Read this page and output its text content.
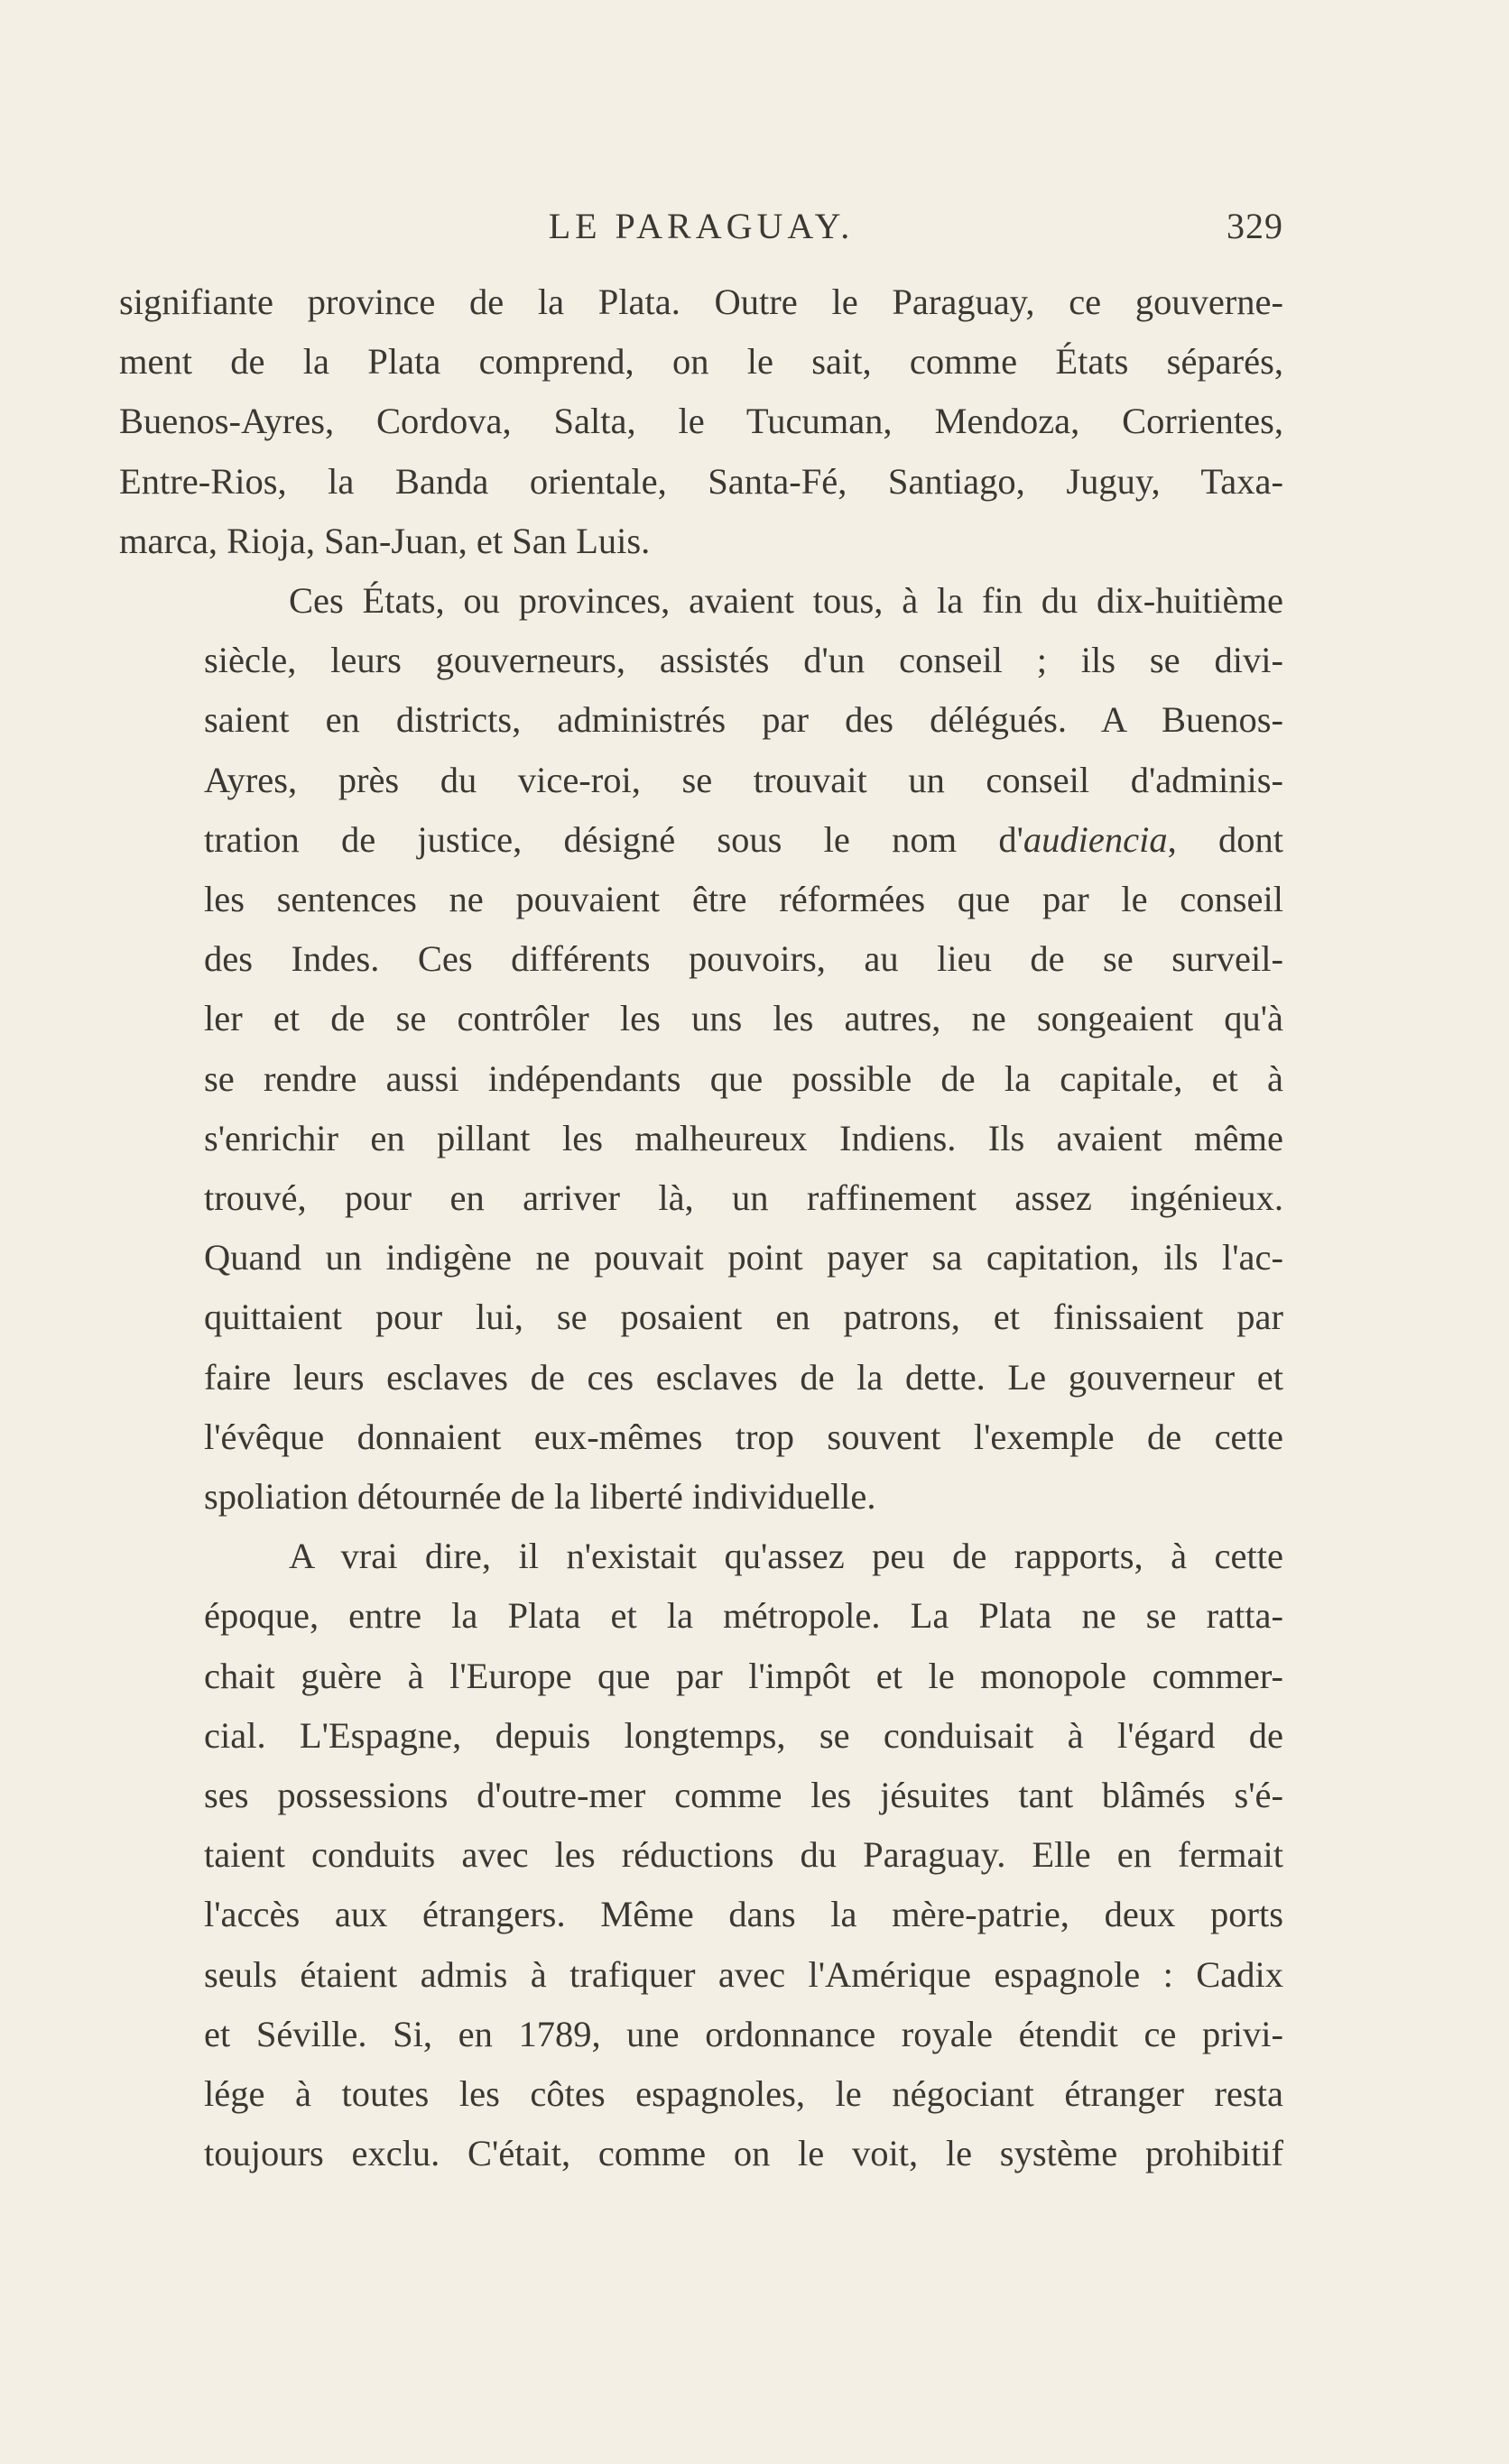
LE PARAGUAY.	329
signifiante province de la Plata. Outre le Paraguay, ce gouverne-
ment de la Plata comprend, on le sait, comme États séparés,
Buenos-Ayres, Cordova, Salta, le Tucuman, Mendoza, Corrientes,
Entre-Rios, la Banda orientale, Santa-Fé, Santiago, Juguy, Taxa-
marca, Rioja, San-Juan, et San Luis.
Ces États, ou provinces, avaient tous, à la fin du dix-huitième
siècle, leurs gouverneurs, assistés d'un conseil ; ils se divi-
saient en districts, administrés par des délégués. A Buenos-
Ayres, près du vice-roi, se trouvait un conseil d'adminis-
tration de justice, désigné sous le nom d'audiencia, dont
les sentences ne pouvaient être réformées que par le conseil
des Indes. Ces différents pouvoirs, au lieu de se surveil-
ler et de se contrôler les uns les autres, ne songeaient qu'à
se rendre aussi indépendants que possible de la capitale, et à
s'enrichir en pillant les malheureux Indiens. Ils avaient même
trouvé, pour en arriver là, un raffinement assez ingénieux.
Quand un indigène ne pouvait point payer sa capitation, ils l'ac-
quittaient pour lui, se posaient en patrons, et finissaient par
faire leurs esclaves de ces esclaves de la dette. Le gouverneur et
l'évêque donnaient eux-mêmes trop souvent l'exemple de cette
spoliation détournée de la liberté individuelle.
A vrai dire, il n'existait qu'assez peu de rapports, à cette
époque, entre la Plata et la métropole. La Plata ne se ratta-
chait guère à l'Europe que par l'impôt et le monopole commer-
cial. L'Espagne, depuis longtemps, se conduisait à l'égard de
ses possessions d'outre-mer comme les jésuites tant blâmés s'é-
taient conduits avec les réductions du Paraguay. Elle en fermait
l'accès aux étrangers. Même dans la mère-patrie, deux ports
seuls étaient admis à trafiquer avec l'Amérique espagnole : Cadix
et Séville. Si, en 1789, une ordonnance royale étendit ce privi-
lége à toutes les côtes espagnoles, le négociant étranger resta
toujours exclu. C'était, comme on le voit, le système prohibitif
